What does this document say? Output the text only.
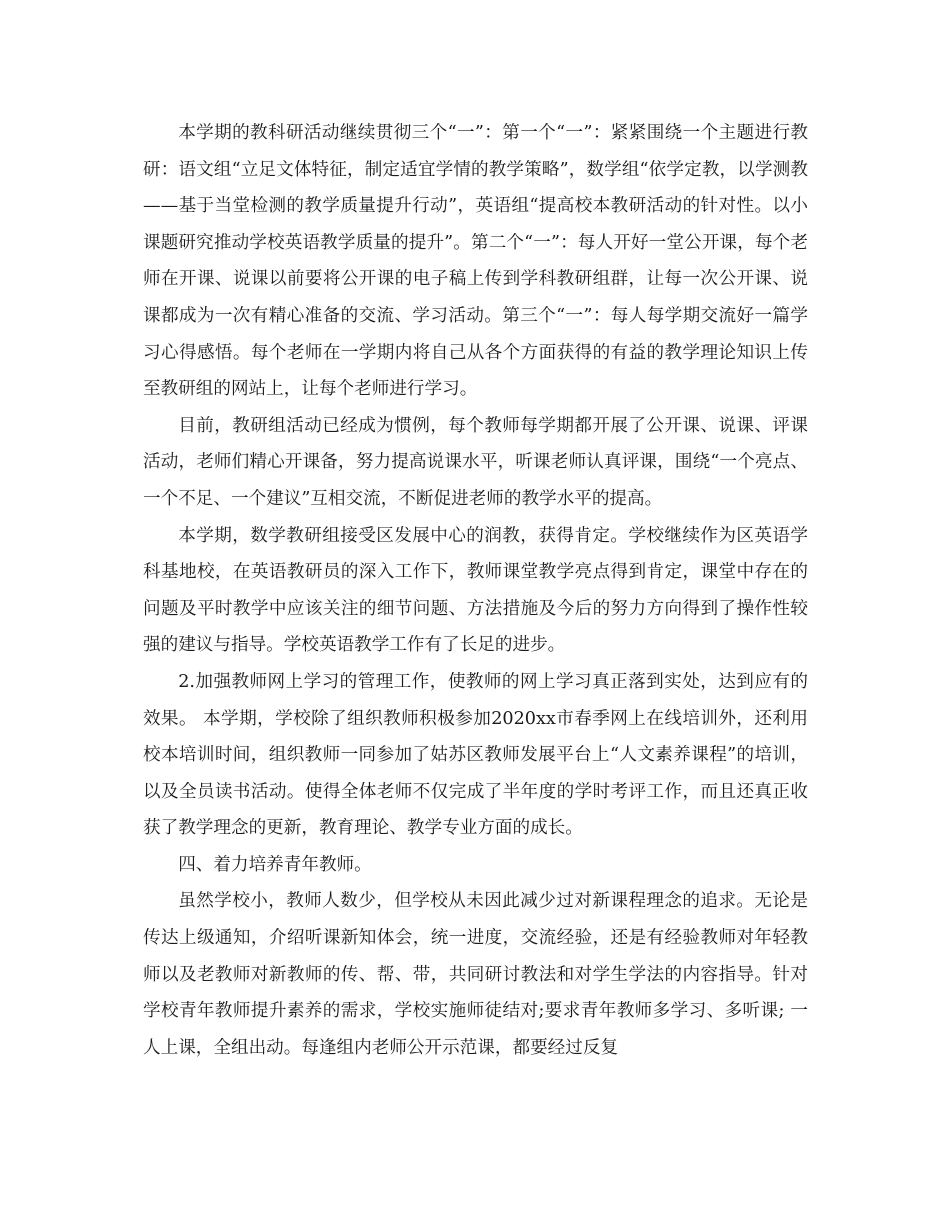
本学期的教科研活动继续贯彻三个“一”：第一个“一”：紧紧围绕一个主题进行教研：语文组“立足文体特征，制定适宜学情的教学策略”，数学组“依学定教，以学测教——基于当堂检测的教学质量提升行动”，英语组“提高校本教研活动的针对性。以小课题研究推动学校英语教学质量的提升”。第二个“一”：每人开好一堂公开课，每个老师在开课、说课以前要将公开课的电子稿上传到学科教研组群，让每一次公开课、说课都成为一次有精心准备的交流、学习活动。第三个“一”：每人每学期交流好一篇学习心得感悟。每个老师在一学期内将自己从各个方面获得的有益的教学理论知识上传至教研组的网站上，让每个老师进行学习。

目前，教研组活动已经成为惯例，每个教师每学期都开展了公开课、说课、评课活动，老师们精心开课备，努力提高说课水平，听课老师认真评课，围绕“一个亮点、一个不足、一个建议”互相交流，不断促进老师的教学水平的提高。

本学期，数学教研组接受区发展中心的润教，获得肯定。学校继续作为区英语学科基地校，在英语教研员的深入工作下，教师课堂教学亮点得到肯定，课堂中存在的问题及平时教学中应该关注的细节问题、方法措施及今后的努力方向得到了操作性较强的建议与指导。学校英语教学工作有了长足的进步。

2.加强教师网上学习的管理工作，使教师的网上学习真正落到实处，达到应有的效果。 本学期，学校除了组织教师积极参加2020xx市春季网上在线培训外，还利用校本培训时间，组织教师一同参加了姑苏区教师发展平台上“人文素养课程”的培训，以及全员读书活动。使得全体老师不仅完成了半年度的学时考评工作，而且还真正收获了教学理念的更新，教育理论、教学专业方面的成长。

四、着力培养青年教师。

虽然学校小，教师人数少，但学校从未因此减少过对新课程理念的追求。无论是传达上级通知，介绍听课新知体会，统一进度，交流经验，还是有经验教师对年轻教师以及老教师对新教师的传、帮、带，共同研讨教法和对学生学法的内容指导。针对学校青年教师提升素养的需求，学校实施师徒结对;要求青年教师多学习、多听课; 一人上课，全组出动。每逢组内老师公开示范课，都要经过反复
